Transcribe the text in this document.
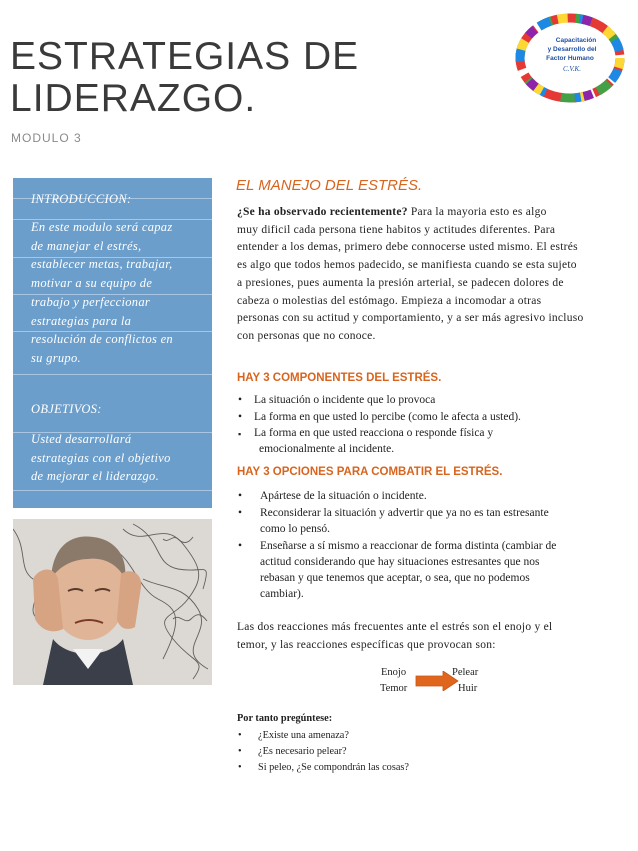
ESTRATEGIAS DE
LIDERAZGO.
MODULO 3
Capacitación
y Desarrollo del
Factor Humano
C.V.K.
INTRODUCCION:
En este modulo será capaz
de manejar el estrés,
establecer metas, trabajar,
motivar a su equipo de
trabajo y perfeccionar
estrategias para la
resolución de conflictos en
su grupo.
OBJETIVOS:
Usted desarrollará
estrategias con el objetivo
de mejorar el liderazgo.
EL MANEJO DEL ESTRÉS.
¿Se ha observado recientemente? Para la mayoria esto es algo
muy dificil cada persona tiene habitos y actitudes diferentes. Para
entender a los demas, primero debe connocerse usted mismo. El estrés
es algo que todos hemos padecido, se manifiesta cuando se esta sujeto
a presiones, pues aumenta la presión arterial, se padecen dolores de
cabeza o molestias del estómago. Empieza a incomodar a otras
personas con su actitud y comportamiento, y a ser más agresivo incluso
con personas que no conoce.
HAY 3 COMPONENTES DEL ESTRÉS.
•	La situación o incidente que lo provoca
•	La forma en que usted lo percibe (como le afecta a usted).
▪	La forma en que usted reacciona o responde física y
emocionalmente al incidente.
HAY 3 OPCIONES PARA COMBATIR EL ESTRÉS.
•	Apártese de la situación o incidente.
•	Reconsiderar la situación y advertir que ya no es tan estresante
como lo pensó.
•	Enseñarse a sí mismo a reaccionar de forma distinta (cambiar de
actitud considerando que hay situaciones estresantes que nos
rebasan y que tenemos que aceptar, o sea, que no podemos
cambiar).
Las dos reacciones más frecuentes ante el estrés son el enojo y el
temor, y las reacciones específicas que provocan son:
Enojo
Temor
Pelear
Huir
Por tanto pregúntese:
•	¿Existe una amenaza?
•	¿Es necesario pelear?
•	Si peleo, ¿Se compondrán las cosas?
